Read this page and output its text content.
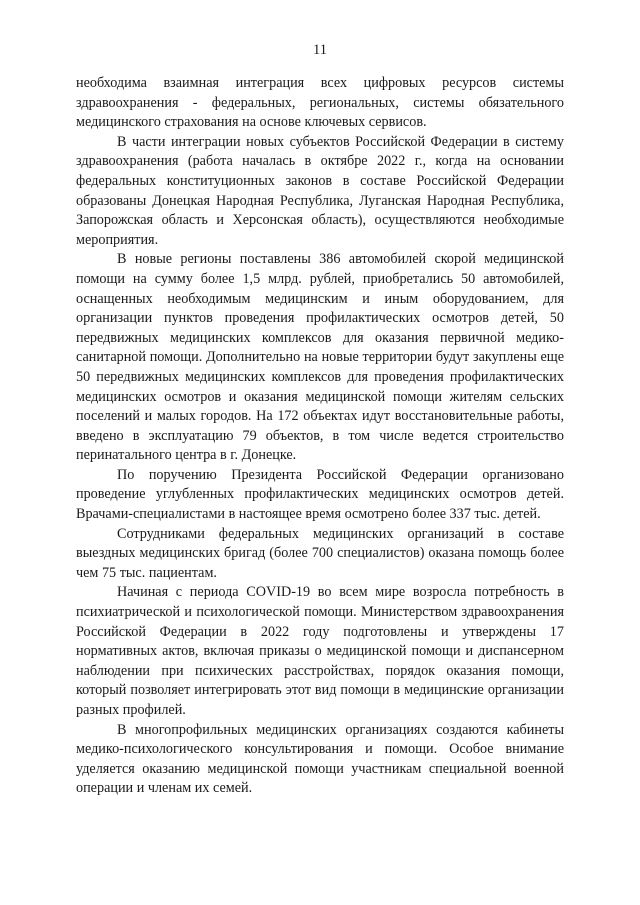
11

необходима взаимная интеграция всех цифровых ресурсов системы здравоохранения - федеральных, региональных, системы обязательного медицинского страхования на основе ключевых сервисов.

В части интеграции новых субъектов Российской Федерации в систему здравоохранения (работа началась в октябре 2022 г., когда на основании федеральных конституционных законов в составе Российской Федерации образованы Донецкая Народная Республика, Луганская Народная Республика, Запорожская область и Херсонская область), осуществляются необходимые мероприятия.

В новые регионы поставлены 386 автомобилей скорой медицинской помощи на сумму более 1,5 млрд. рублей, приобретались 50 автомобилей, оснащенных необходимым медицинским и иным оборудованием, для организации пунктов проведения профилактических осмотров детей, 50 передвижных медицинских комплексов для оказания первичной медико-санитарной помощи. Дополнительно на новые территории будут закуплены еще 50 передвижных медицинских комплексов для проведения профилактических медицинских осмотров и оказания медицинской помощи жителям сельских поселений и малых городов. На 172 объектах идут восстановительные работы, введено в эксплуатацию 79 объектов, в том числе ведется строительство перинатального центра в г. Донецке.

По поручению Президента Российской Федерации организовано проведение углубленных профилактических медицинских осмотров детей. Врачами-специалистами в настоящее время осмотрено более 337 тыс. детей.

Сотрудниками федеральных медицинских организаций в составе выездных медицинских бригад (более 700 специалистов) оказана помощь более чем 75 тыс. пациентам.

Начиная с периода COVID-19 во всем мире возросла потребность в психиатрической и психологической помощи. Министерством здравоохранения Российской Федерации в 2022 году подготовлены и утверждены 17 нормативных актов, включая приказы о медицинской помощи и диспансерном наблюдении при психических расстройствах, порядок оказания помощи, который позволяет интегрировать этот вид помощи в медицинские организации разных профилей.

В многопрофильных медицинских организациях создаются кабинеты медико-психологического консультирования и помощи. Особое внимание уделяется оказанию медицинской помощи участникам специальной военной операции и членам их семей.
